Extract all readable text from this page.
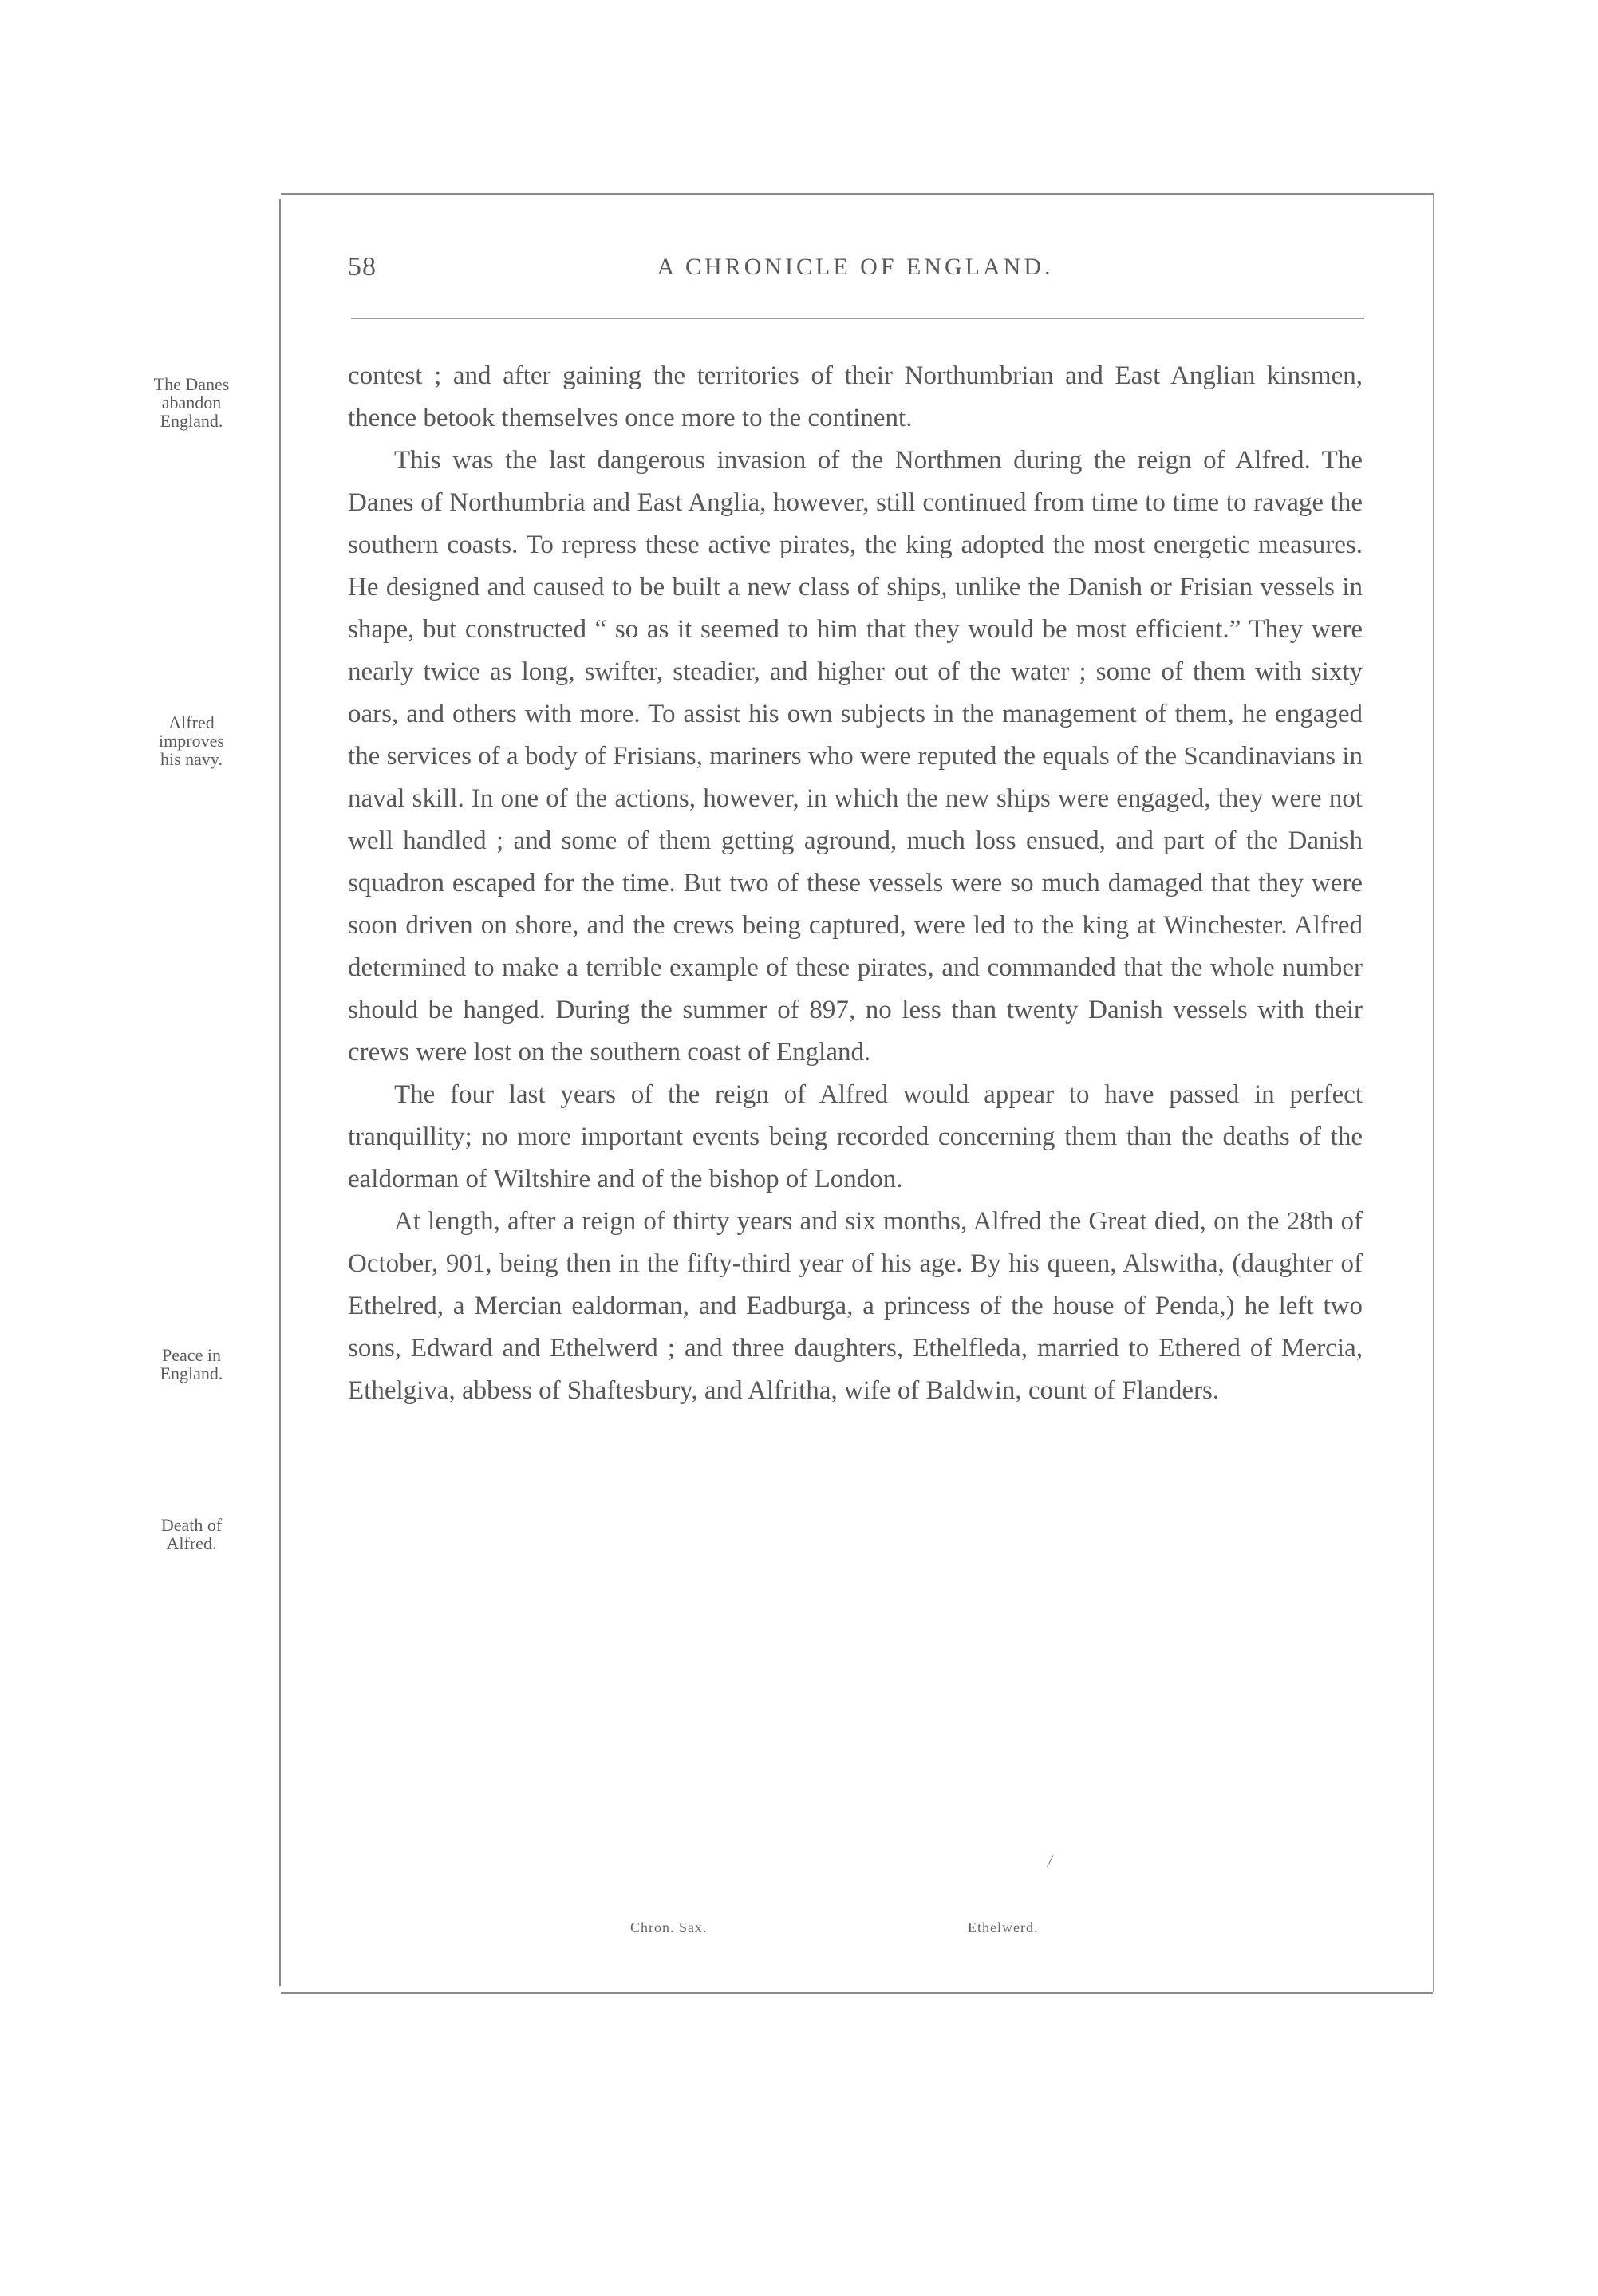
58	A CHRONICLE OF ENGLAND.
The Danes
abandon
England.
Alfred
improves
his navy.
Peace in
England.
Death of
Alfred.

contest ; and after gaining the territories of their Northumbrian and East Anglian kinsmen, thence betook themselves once more to the continent.

This was the last dangerous invasion of the Northmen during the reign of Alfred. The Danes of Northumbria and East Anglia, however, still continued from time to time to ravage the southern coasts. To repress these active pirates, the king adopted the most energetic measures. He designed and caused to be built a new class of ships, unlike the Danish or Frisian vessels in shape, but constructed “ so as it seemed to him that they would be most efficient.” They were nearly twice as long, swifter, steadier, and higher out of the water ; some of them with sixty oars, and others with more. To assist his own subjects in the management of them, he engaged the services of a body of Frisians, mariners who were reputed the equals of the Scandinavians in naval skill. In one of the actions, however, in which the new ships were engaged, they were not well handled ; and some of them getting aground, much loss ensued, and part of the Danish squadron escaped for the time. But two of these vessels were so much damaged that they were soon driven on shore, and the crews being captured, were led to the king at Winchester. Alfred determined to make a terrible example of these pirates, and commanded that the whole number should be hanged. During the summer of 897, no less than twenty Danish vessels with their crews were lost on the southern coast of England.

The four last years of the reign of Alfred would appear to have passed in perfect tranquillity; no more important events being recorded concerning them than the deaths of the ealdorman of Wiltshire and of the bishop of London.

At length, after a reign of thirty years and six months, Alfred the Great died, on the 28th of October, 901, being then in the fifty-third year of his age. By his queen, Alswitha, (daughter of Ethelred, a Mercian ealdorman, and Eadburga, a princess of the house of Penda,) he left two sons, Edward and Ethelwerd ; and three daughters, Ethelfleda, married to Ethered of Mercia, Ethelgiva, abbess of Shaftesbury, and Alfritha, wife of Baldwin, count of Flanders.

/
Chron. Sax.	Ethelwerd.
